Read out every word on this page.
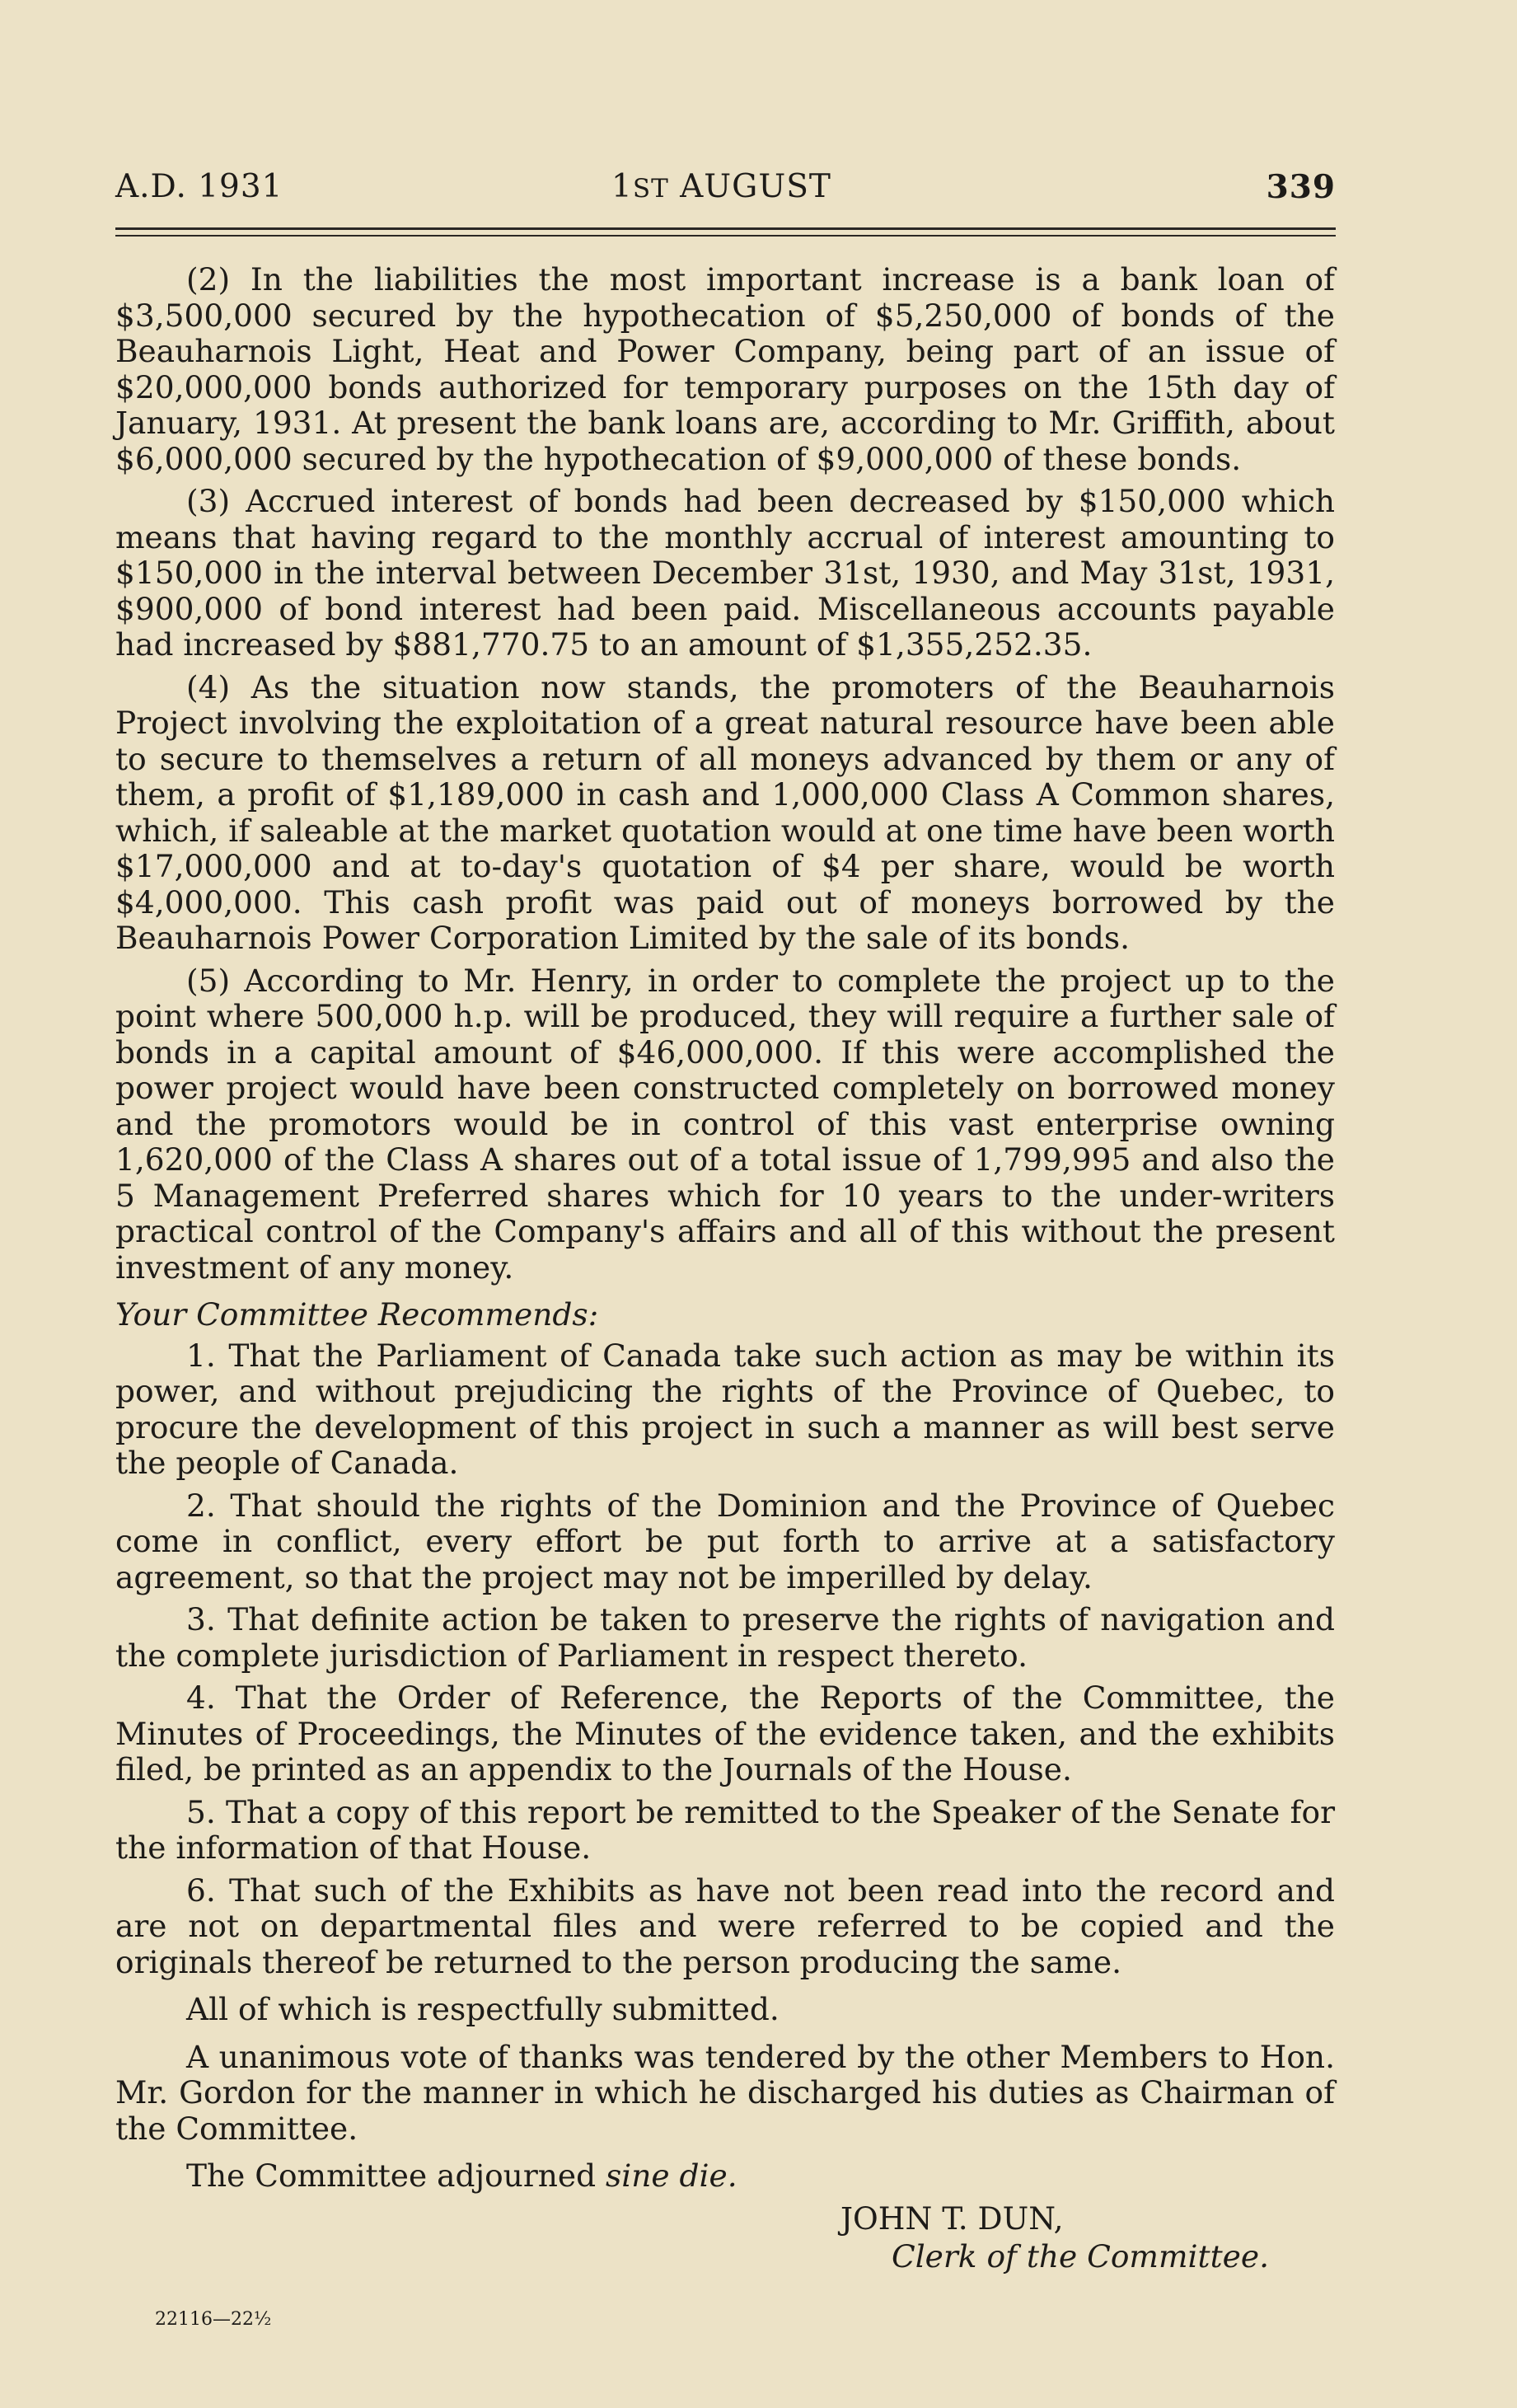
A.D. 1931	1ST AUGUST	339

(2) In the liabilities the most important increase is a bank loan of $3,500,000 secured by the hypothecation of $5,250,000 of bonds of the Beauharnois Light, Heat and Power Company, being part of an issue of $20,000,000 bonds authorized for temporary purposes on the 15th day of January, 1931. At present the bank loans are, according to Mr. Griffith, about $6,000,000 secured by the hypothecation of $9,000,000 of these bonds.

(3) Accrued interest of bonds had been decreased by $150,000 which means that having regard to the monthly accrual of interest amounting to $150,000 in the interval between December 31st, 1930, and May 31st, 1931, $900,000 of bond interest had been paid. Miscellaneous accounts payable had increased by $881,770.75 to an amount of $1,355,252.35.

(4) As the situation now stands, the promoters of the Beauharnois Project involving the exploitation of a great natural resource have been able to secure to themselves a return of all moneys advanced by them or any of them, a profit of $1,189,000 in cash and 1,000,000 Class A Common shares, which, if saleable at the market quotation would at one time have been worth $17,000,000 and at to-day's quotation of $4 per share, would be worth $4,000,000. This cash profit was paid out of moneys borrowed by the Beauharnois Power Corporation Limited by the sale of its bonds.

(5) According to Mr. Henry, in order to complete the project up to the point where 500,000 h.p. will be produced, they will require a further sale of bonds in a capital amount of $46,000,000. If this were accomplished the power project would have been constructed completely on borrowed money and the promotors would be in control of this vast enterprise owning 1,620,000 of the Class A shares out of a total issue of 1,799,995 and also the 5 Management Preferred shares which for 10 years to the under-writers practical control of the Company's affairs and all of this without the present investment of any money.

Your Committee Recommends:

1. That the Parliament of Canada take such action as may be within its power, and without prejudicing the rights of the Province of Quebec, to procure the development of this project in such a manner as will best serve the people of Canada.

2. That should the rights of the Dominion and the Province of Quebec come in conflict, every effort be put forth to arrive at a satisfactory agreement, so that the project may not be imperilled by delay.

3. That definite action be taken to preserve the rights of navigation and the complete jurisdiction of Parliament in respect thereto.

4. That the Order of Reference, the Reports of the Committee, the Minutes of Proceedings, the Minutes of the evidence taken, and the exhibits filed, be printed as an appendix to the Journals of the House.

5. That a copy of this report be remitted to the Speaker of the Senate for the information of that House.

6. That such of the Exhibits as have not been read into the record and are not on departmental files and were referred to be copied and the originals thereof be returned to the person producing the same.

All of which is respectfully submitted.

A unanimous vote of thanks was tendered by the other Members to Hon. Mr. Gordon for the manner in which he discharged his duties as Chairman of the Committee.

The Committee adjourned sine die.

JOHN T. DUN,
Clerk of the Committee.
22116—22½
